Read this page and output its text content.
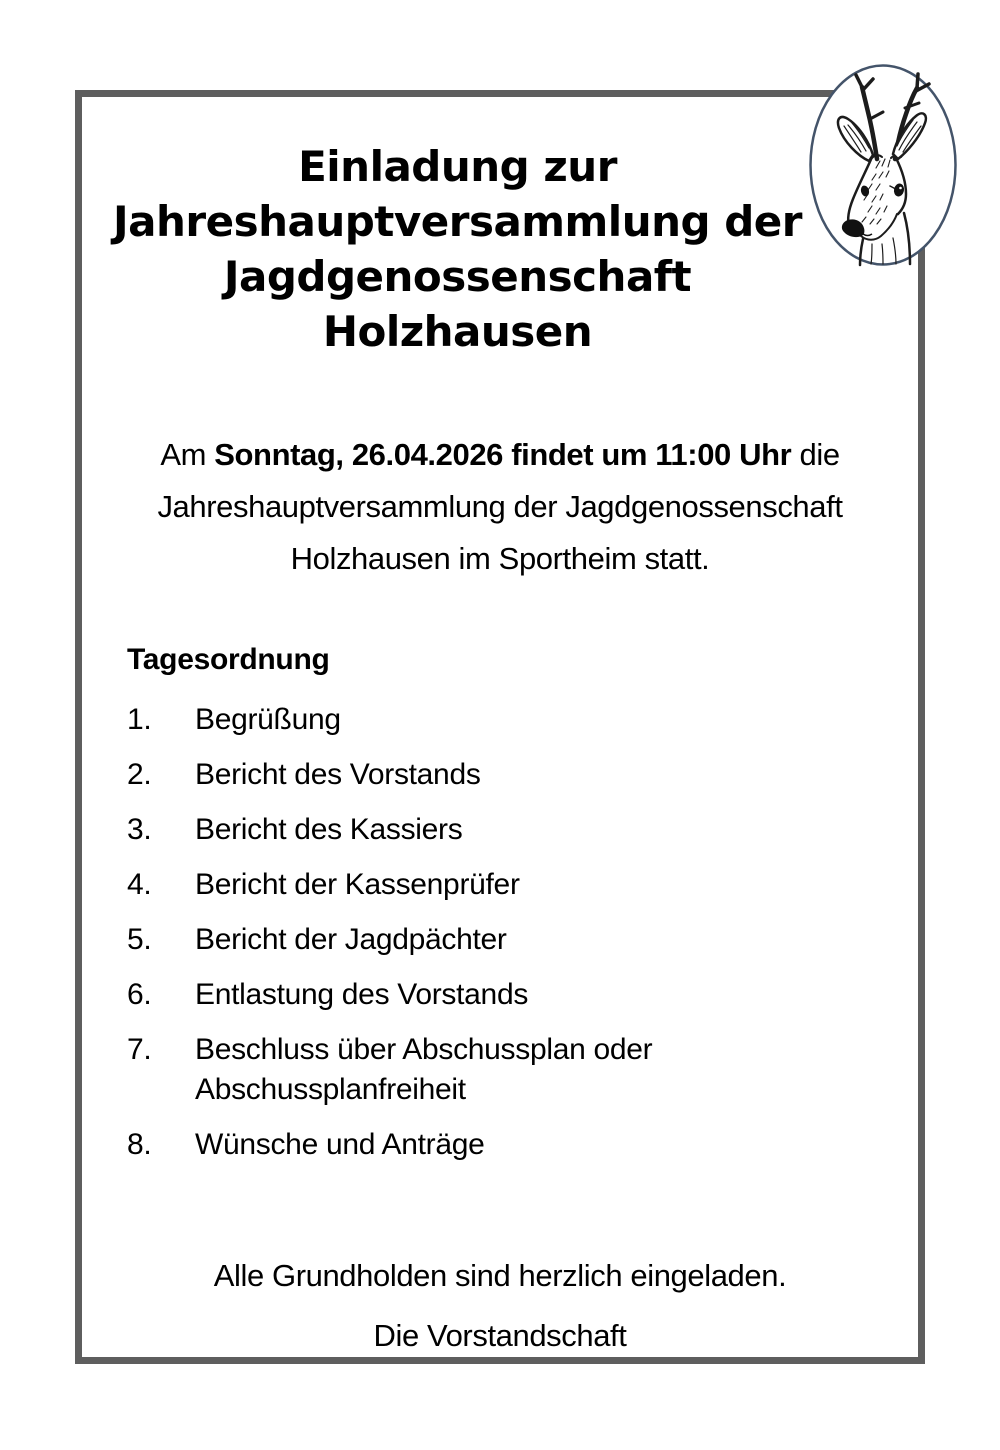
Einladung zur
Jahreshauptversammlung der
Jagdgenossenschaft Holzhausen
Am Sonntag, 26.04.2026 findet um 11:00 Uhr die
Jahreshauptversammlung der Jagdgenossenschaft
Holzhausen im Sportheim statt.
Tagesordnung
1.	Begrüßung
2.	Bericht des Vorstands
3.	Bericht des Kassiers
4.	Bericht der Kassenprüfer
5.	Bericht der Jagdpächter
6.	Entlastung des Vorstands
7.	Beschluss über Abschussplan oder Abschussplanfreiheit
8.	Wünsche und Anträge
Alle Grundholden sind herzlich eingeladen.
Die Vorstandschaft
